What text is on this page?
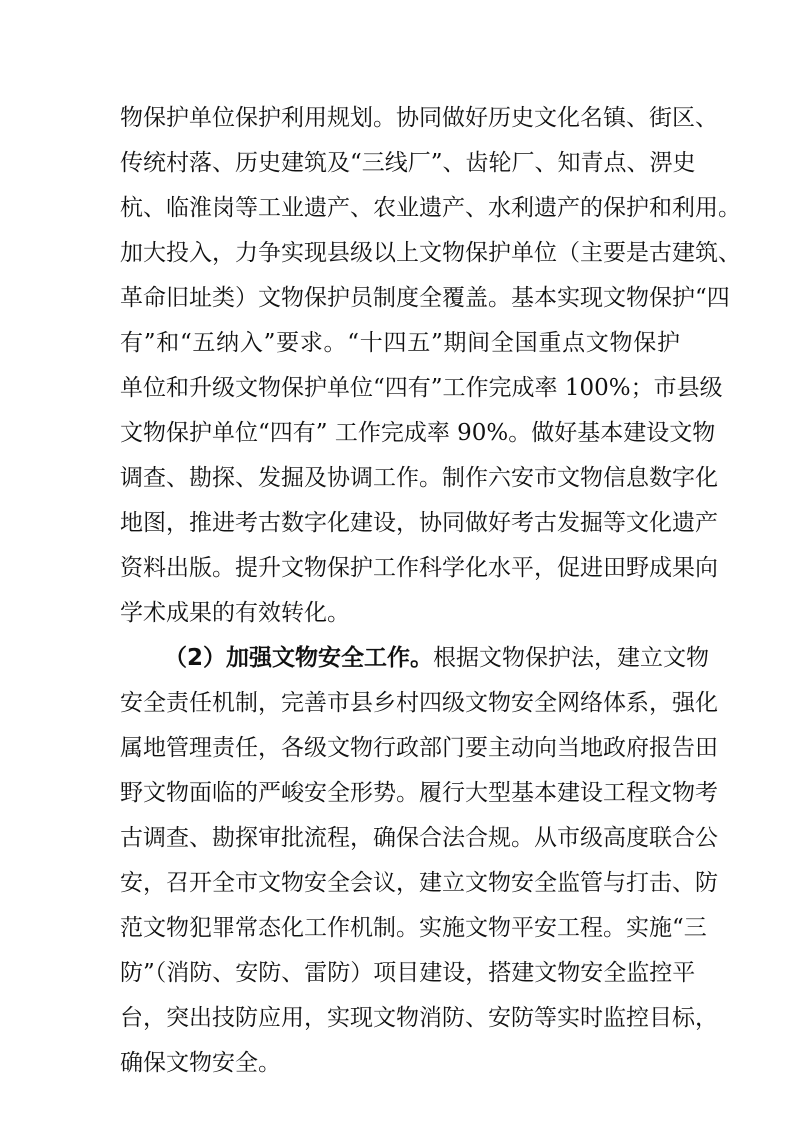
物保护单位保护利用规划。协同做好历史文化名镇、街区、
传统村落、历史建筑及“三线厂”、齿轮厂、知青点、淠史
杭、临淮岗等工业遗产、农业遗产、水利遗产的保护和利用。
加大投入，力争实现县级以上文物保护单位（主要是古建筑、
革命旧址类）文物保护员制度全覆盖。基本实现文物保护“四
有”和“五纳入”要求。“十四五”期间全国重点文物保护
单位和升级文物保护单位“四有”工作完成率 100%；市县级
文物保护单位“四有” 工作完成率 90%。做好基本建设文物
调查、勘探、发掘及协调工作。制作六安市文物信息数字化
地图，推进考古数字化建设，协同做好考古发掘等文化遗产
资料出版。提升文物保护工作科学化水平，促进田野成果向
学术成果的有效转化。
（2）加强文物安全工作。根据文物保护法，建立文物
安全责任机制，完善市县乡村四级文物安全网络体系，强化
属地管理责任，各级文物行政部门要主动向当地政府报告田
野文物面临的严峻安全形势。履行大型基本建设工程文物考
古调查、勘探审批流程，确保合法合规。从市级高度联合公
安，召开全市文物安全会议，建立文物安全监管与打击、防
范文物犯罪常态化工作机制。实施文物平安工程。实施“三
防”（消防、安防、雷防）项目建设，搭建文物安全监控平
台，突出技防应用，实现文物消防、安防等实时监控目标，
确保文物安全。
